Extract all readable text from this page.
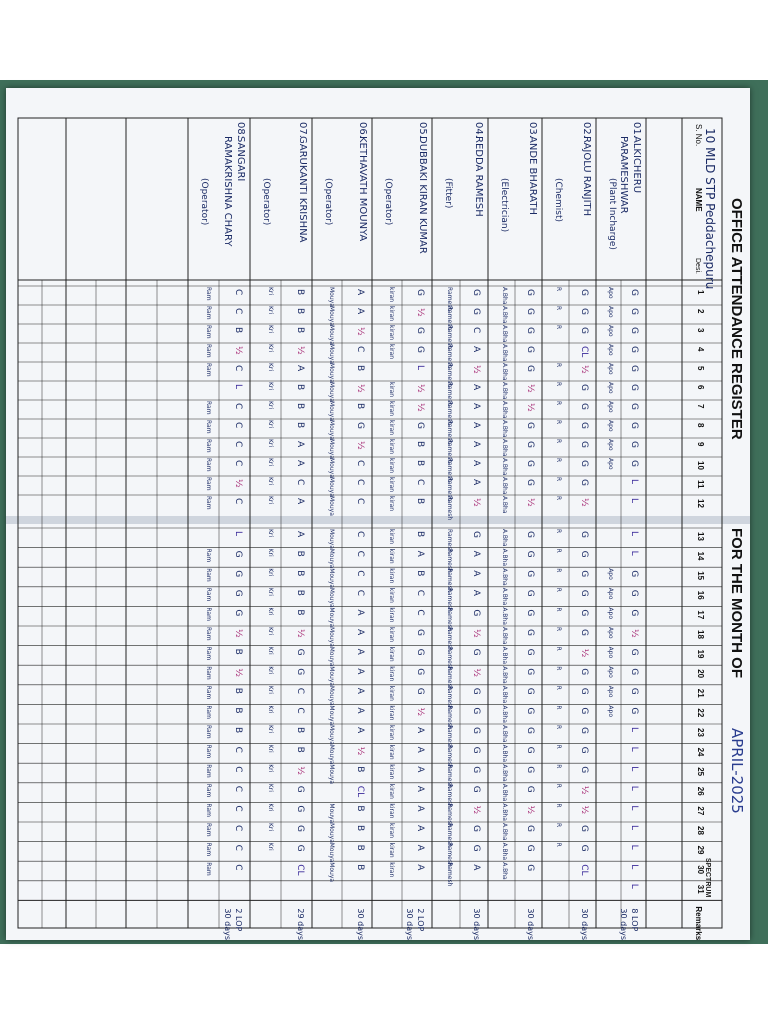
OFFICE ATTENDANCE REGISTER
FOR THE MONTH OF
APRIL-2025
10 MLD STP Peddachepuru
SPECTRUM
S. No.
NAME
Desi.
Remarks
1
2
3
4
5
6
7
8
9
10
11
12
13
14
15
16
17
18
19
20
21
22
23
24
25
26
27
28
29
30
31
01.
ALKICHERU
PARAMESHWAR
(Plant Incharge)
G
Apo
G
Apo
G
Apo
G
Apo
G
Apo
G
Apo
G
Apo
G
Apo
G
Apo
G
Apo
L
L
L
L
G
Apo
G
Apo
G
Apo
½
Apo
G
Apo
G
Apo
G
Apo
G
Apo
L
L
L
L
L
L
L
L
L
8 LOP
30 days
02.
RAJOLU RANJITH
(Chemist)
G
R
G
R
G
R
CL
½
R
G
R
G
R
G
R
G
R
G
R
G
R
½
R
G
R
G
R
G
R
G
R
G
R
G
R
½
R
G
R
G
R
G
R
G
R
G
R
G
R
½
R
½
R
G
R
G
R
CL
30 days
03.
ANDE BHARATH
(Electrician)
G
A.Bha
G
A.Bha
G
A.Bha
G
A.Bha
G
A.Bha
½
A.Bha
½
A.Bha
G
A.Bha
G
A.Bha
G
A.Bha
G
A.Bha
½
A.Bha
G
A.Bha
G
A.Bha
G
A.Bha
G
A.Bha
G
A.Bha
G
A.Bha
G
A.Bha
G
A.Bha
G
A.Bha
G
A.Bha
G
A.Bha
G
A.Bha
G
A.Bha
G
A.Bha
½
A.Bha
G
A.Bha
G
A.Bha
G
A.Bha
30 days
04.
REDDA RAMESH
(Fitter)
G
Ramesh
G
Ramesh C
Ramesh A
Ramesh
½
Ramesh A
Ramesh A
Ramesh A
Ramesh A
Ramesh A
Ramesh A
Ramesh
½
Ramesh
G
Ramesh
A
Ramesh
A
Ramesh
A
Ramesh
G
Ramesh
½
Ramesh
G
Ramesh
½
Ramesh
G
Ramesh
G
Ramesh
G
Ramesh
G
Ramesh
G
Ramesh
G
Ramesh
½
Ramesh
G
Ramesh
G
Ramesh
A
Ramesh
30 days
05.
DUBBAKI KIRAN KUMAR
(Operator)
G
kiran
½
kiran
G
kiran
G
kiran
L
½
kiran
½
kiran
G
kiran
B
kiran
B
kiran
C
kiran
B
kiran
B
kiran
A
kiran
B
kiran
C
kiran
C
kiran
G
kiran
G
kiran
G
kiran
G
kiran
½
kiran
A
kiran
A
kiran
A
kiran
A
kiran
A
kiran
A
kiran
A
kiran
A
kiran
2 LOP
30 days
06.
KETHAVATH MOUNYA
(Operator)
A
Mouya
A
Mouya
½
Mouya
C
Mouya
B
Mouya
½
Mouya
B
Mouya
G
Mouya
½
Mouya
C
Mouya
C
Mouya
C
Mouya
C
Mouya
C
Mouya
C
Mouya
C
Mouya
A
Mouya
A
Mouya
A
Mouya
A
Mouya
A
Mouya
A
Mouya
A
Mouya
½
Mouya
B
Mouya
CL
B
Mouya
B
Mouya
B
Mouya
B
Mouya
30 days
07.
GARUKANTI KRISHNA
(Operator)
B
Kri
B
Kri
B
Kri
½
Kri
A
Kri
B
Kri
B
Kri
B
Kri
A
Kri
A
Kri
C
Kri
A
Kri
A
Kri
B
Kri
B
Kri
B
Kri
B
Kri
½
Kri
G
Kri
G
Kri
C
Kri
C
Kri
B
Kri
B
Kri
½
Kri
G
Kri
G
Kri
G
Kri
G
Kri
CL
29 days
08.
SANGARI
RAMAKRISHNA CHARY
(Operator)
C
Ram
C
Ram
B
Ram
½
Ram
C
Ram
L
C
Ram
C
Ram
C
Ram
C
Ram
½
Ram
C
Ram
L
G
Ram
G
Ram
G
Ram
G
Ram
½
Ram
B
Ram
½
Ram
B
Ram
B
Ram
B
Ram
C
Ram
C
Ram
C
Ram
C
Ram
C
Ram
C
Ram
C
Ram
2 LOP
30 days
